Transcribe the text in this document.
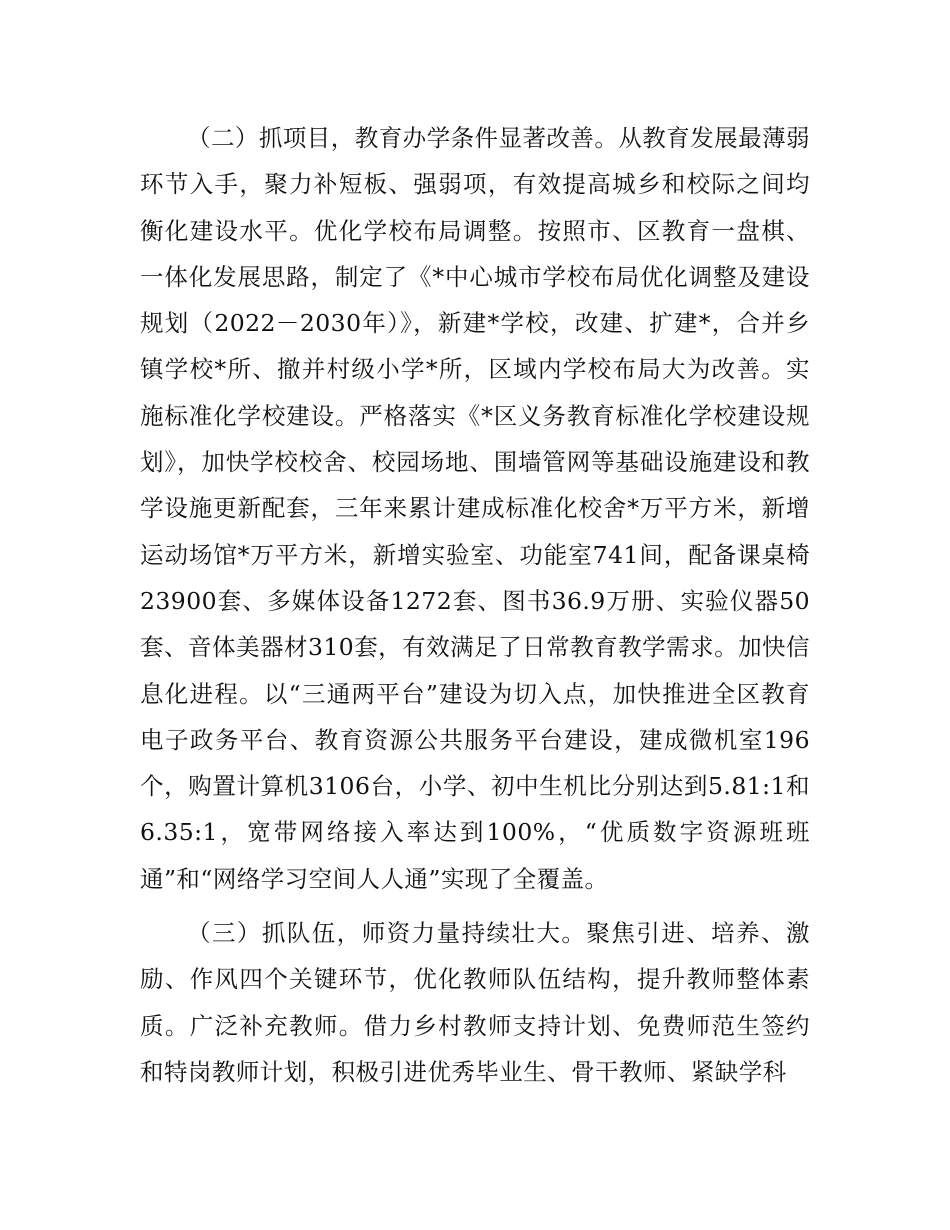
（二）抓项目，教育办学条件显著改善。从教育发展最薄弱环节入手，聚力补短板、强弱项，有效提高城乡和校际之间均衡化建设水平。优化学校布局调整。按照市、区教育一盘棋、一体化发展思路，制定了《*中心城市学校布局优化调整及建设规划（2022－2030年）》，新建*学校，改建、扩建*，合并乡镇学校*所、撤并村级小学*所，区域内学校布局大为改善。实施标准化学校建设。严格落实《*区义务教育标准化学校建设规划》，加快学校校舍、校园场地、围墙管网等基础设施建设和教学设施更新配套，三年来累计建成标准化校舍*万平方米，新增运动场馆*万平方米，新增实验室、功能室741间，配备课桌椅23900套、多媒体设备1272套、图书36.9万册、实验仪器50套、音体美器材310套，有效满足了日常教育教学需求。加快信息化进程。以“三通两平台”建设为切入点，加快推进全区教育电子政务平台、教育资源公共服务平台建设，建成微机室196个，购置计算机3106台，小学、初中生机比分别达到5.81:1和6.35:1，宽带网络接入率达到100%，“优质数字资源班班通”和“网络学习空间人人通”实现了全覆盖。

（三）抓队伍，师资力量持续壮大。聚焦引进、培养、激励、作风四个关键环节，优化教师队伍结构，提升教师整体素质。广泛补充教师。借力乡村教师支持计划、免费师范生签约和特岗教师计划，积极引进优秀毕业生、骨干教师、紧缺学科
